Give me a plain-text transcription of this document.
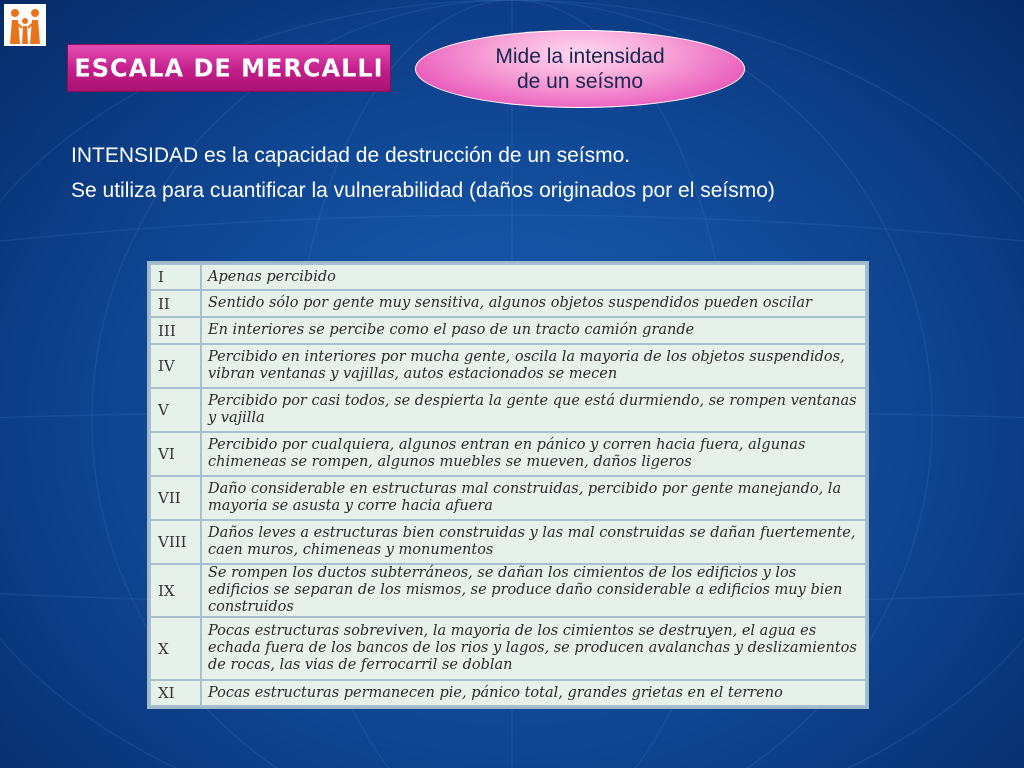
ESCALA DE MERCALLI	Mide la intensidad
de un seísmo

INTENSIDAD es la capacidad de destrucción de un seísmo.

Se utiliza para cuantificar la vulnerabilidad (daños originados por el seísmo)

I	Apenas percibido
II	Sentido sólo por gente muy sensitiva, algunos objetos suspendidos pueden oscilar
III	En interiores se percibe como el paso de un tracto camión grande
IV	Percibido en interiores por mucha gente, oscila la mayoria de los objetos suspendidos, vibran ventanas y vajillas, autos estacionados se mecen
V	Percibido por casi todos, se despierta la gente que está durmiendo, se rompen ventanas y vajilla
VI	Percibido por cualquiera, algunos entran en pánico y corren hacia fuera, algunas chimeneas se rompen, algunos muebles se mueven, daños ligeros
VII	Daño considerable en estructuras mal construidas, percibido por gente manejando, la mayoria se asusta y corre hacia afuera
VIII	Daños leves a estructuras bien construidas y las mal construidas se dañan fuertemente, caen muros, chimeneas y monumentos
IX	Se rompen los ductos subterráneos, se dañan los cimientos de los edificios y los edificios se separan de los mismos, se produce daño considerable a edificios muy bien construidos
X	Pocas estructuras sobreviven, la mayoria de los cimientos se destruyen, el agua es echada fuera de los bancos de los rios y lagos, se producen avalanchas y deslizamientos de rocas, las vias de ferrocarril se doblan
XI	Pocas estructuras permanecen pie, pánico total, grandes grietas en el terreno
